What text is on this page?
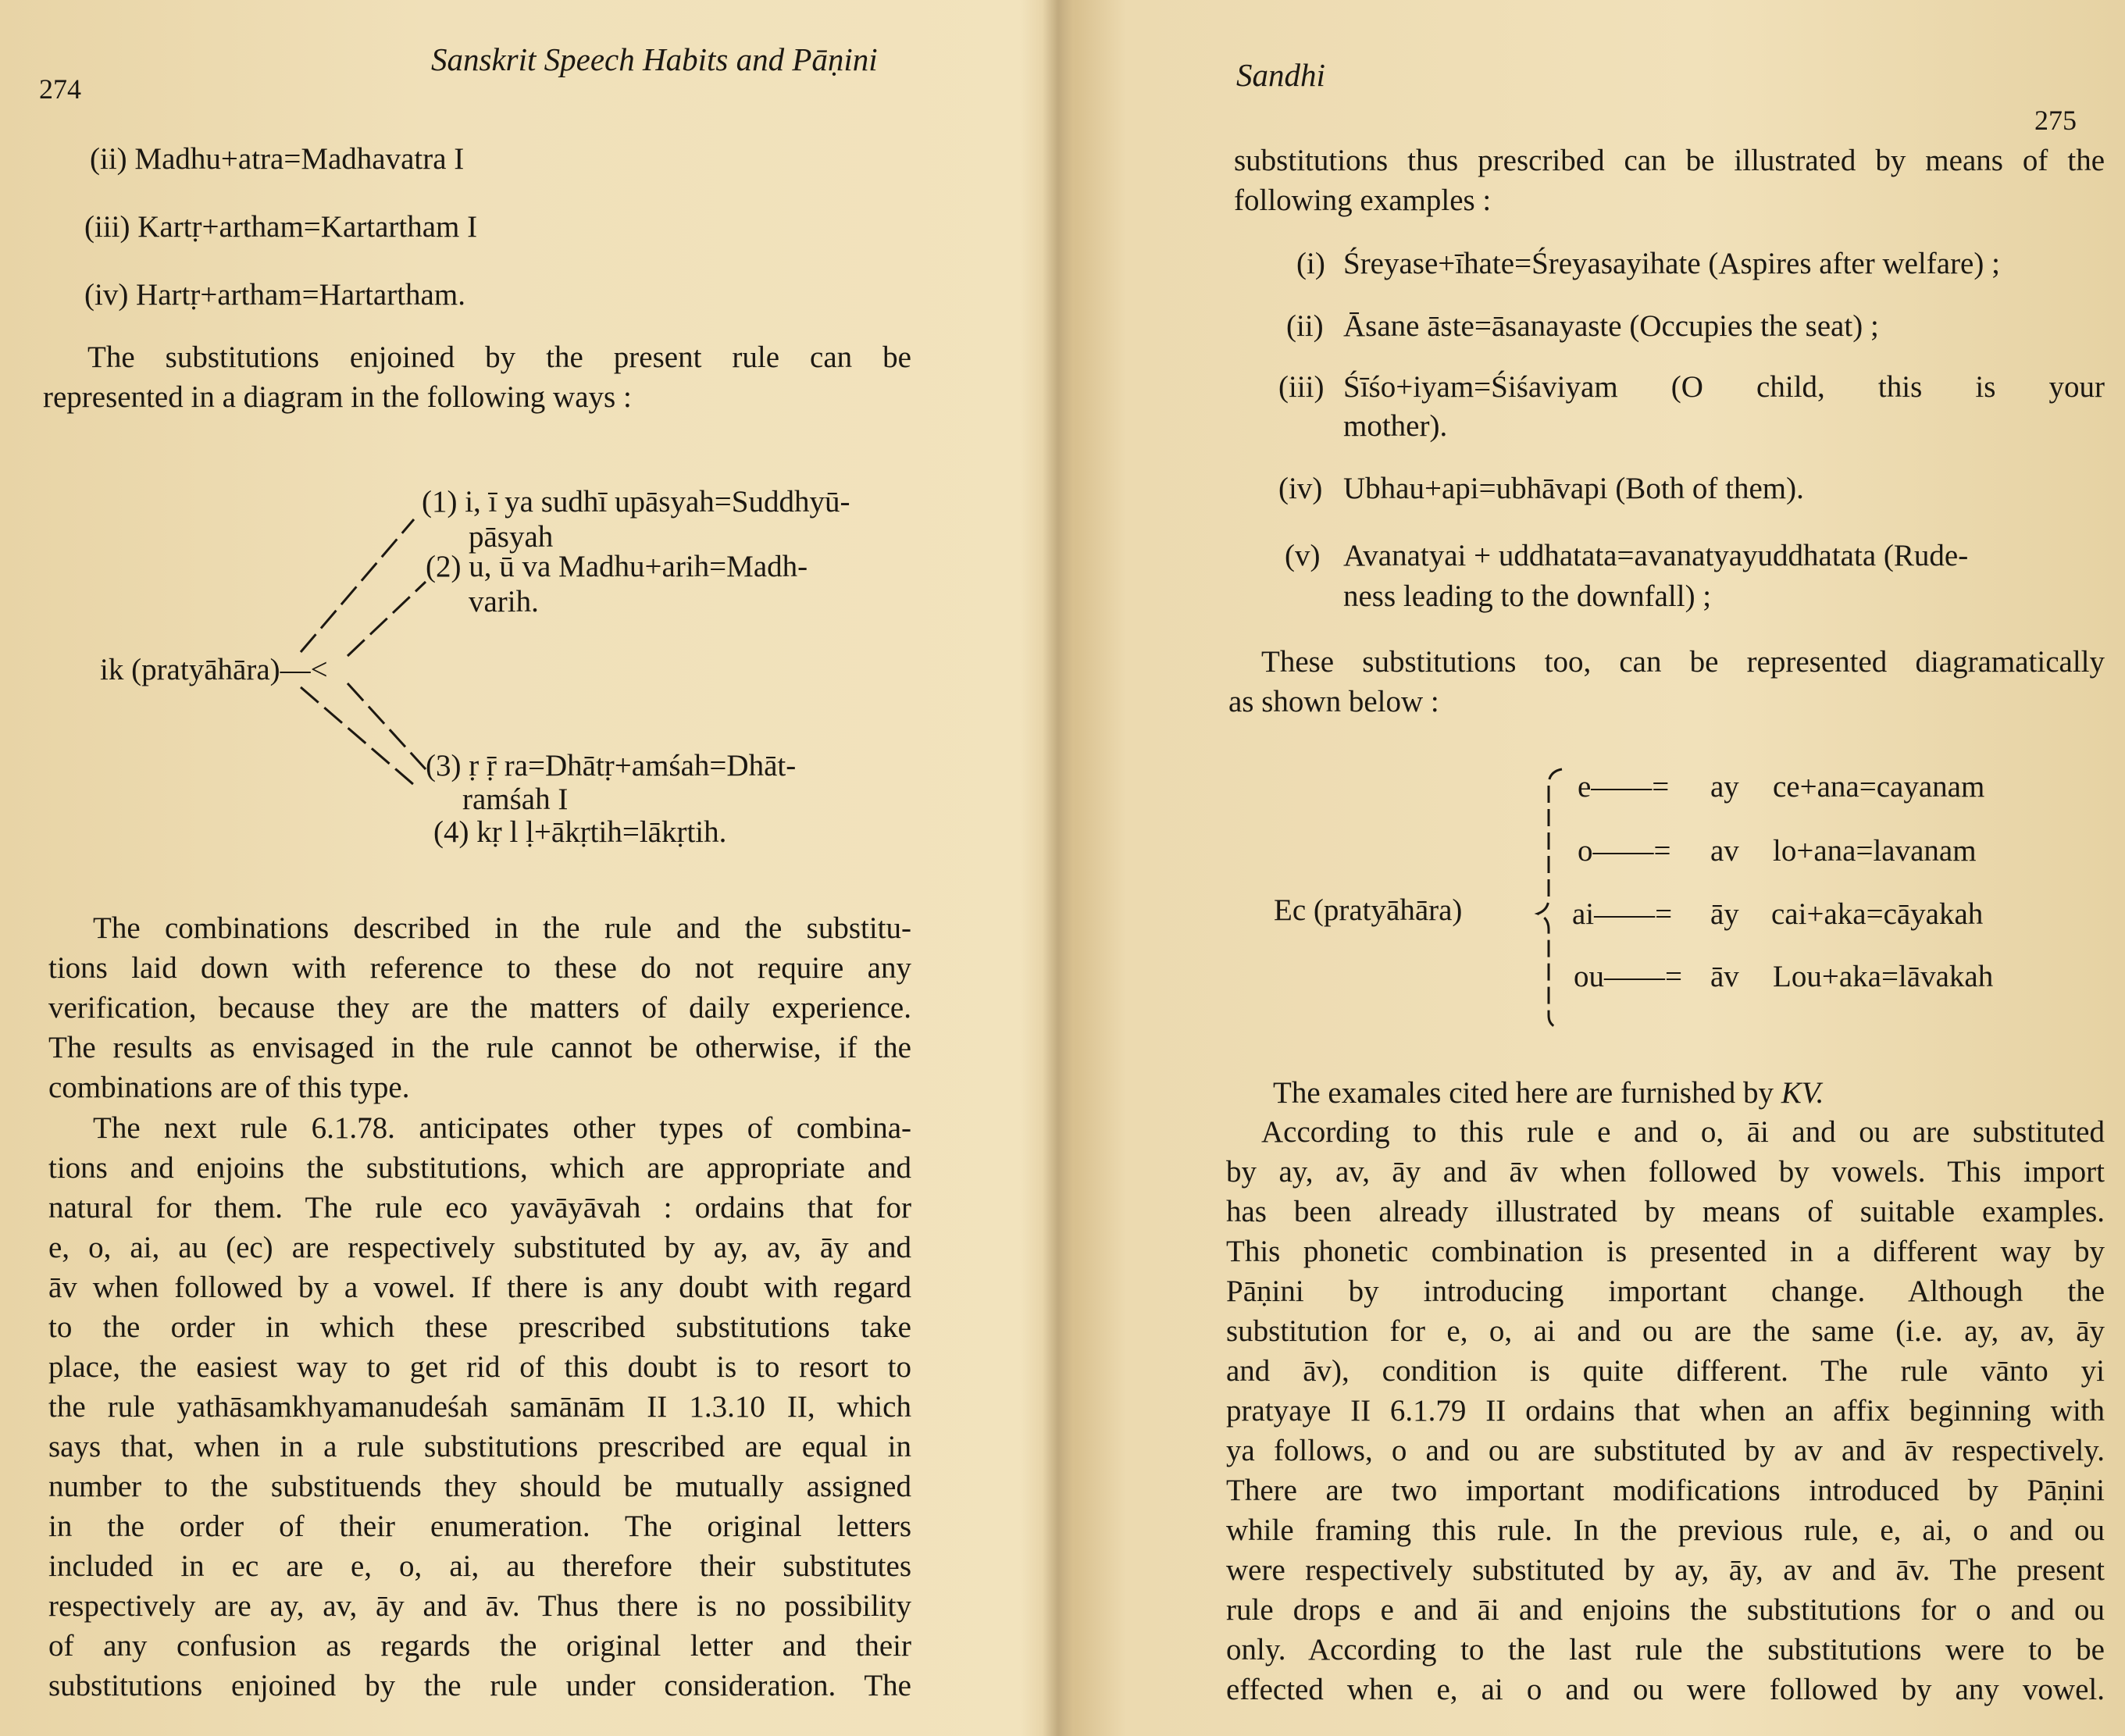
274
Sanskrit Speech Habits and Pāṇini
(ii) Madhu+atra=Madhavatra I
(iii) Kartṛ+artham=Kartartham I
(iv) Hartṛ+artham=Hartartham.
The substitutions enjoined by the present rule can be
represented in a diagram in the following ways :
ik (pratyāhāra)—<
(1) i, ī ya sudhī upāsyah=Suddhyū-
pāsyah
(2) u, ū va Madhu+arih=Madh-
varih.
(3) ṛ ṝ ra=Dhātṛ+amśah=Dhāt-
ramśah I
(4) kṛ l ḷ+ākṛtih=lākṛtih.
The combinations described in the rule and the substitu-
tions laid down with reference to these do not require any
verification, because they are the matters of daily experience.
The results as envisaged in the rule cannot be otherwise, if the
combinations are of this type.
The next rule 6.1.78. anticipates other types of combina-
tions and enjoins the substitutions, which are appropriate and
natural for them. The rule eco yavāyāvah : ordains that for
e, o, ai, au (ec) are respectively substituted by ay, av, āy and
āv when followed by a vowel. If there is any doubt with regard
to the order in which these prescribed substitutions take
place, the easiest way to get rid of this doubt is to resort to
the rule yathāsamkhyamanudeśah samānām II 1.3.10 II, which
says that, when in a rule substitutions prescribed are equal in
number to the substituends they should be mutually assigned
in the order of their enumeration. The original letters
included in ec are e, o, ai, au therefore their substitutes
respectively are ay, av, āy and āv. Thus there is no possibility
of any confusion as regards the original letter and their
substitutions enjoined by the rule under consideration. The
Sandhi
275
substitutions thus prescribed can be illustrated by means of the
following examples :
(i) Śreyase+īhate=Śreyasayihate (Aspires after welfare) ;
(ii) Āsane āste=āsanayaste (Occupies the seat) ;
(iii) Śīśo+iyam=Śiśaviyam (O child, this is your
mother).
(iv) Ubhau+api=ubhāvapi (Both of them).
(v) Avanatyai + uddhatata=avanatyayuddhatata (Rude-
ness leading to the downfall) ;
These substitutions too, can be represented diagramatically
as shown below :
Ec (pratyāhāra)
e——= ay ce+ana=cayanam
o——= av lo+ana=lavanam
ai——= āy cai+aka=cāyakah
ou——= āv Lou+aka=lāvakah
The examales cited here are furnished by KV.
According to this rule e and o, āi and ou are substituted
by ay, av, āy and āv when followed by vowels. This import
has been already illustrated by means of suitable examples.
This phonetic combination is presented in a different way by
Pāṇini by introducing important change. Although the
substitution for e, o, ai and ou are the same (i.e. ay, av, āy
and āv), condition is quite different. The rule vānto yi
pratyaye II 6.1.79 II ordains that when an affix beginning with
ya follows, o and ou are substituted by av and āv respectively.
There are two important modifications introduced by Pāṇini
while framing this rule. In the previous rule, e, ai, o and ou
were respectively substituted by ay, āy, av and āv. The present
rule drops e and āi and enjoins the substitutions for o and ou
only. According to the last rule the substitutions were to be
effected when e, ai o and ou were followed by any vowel.
